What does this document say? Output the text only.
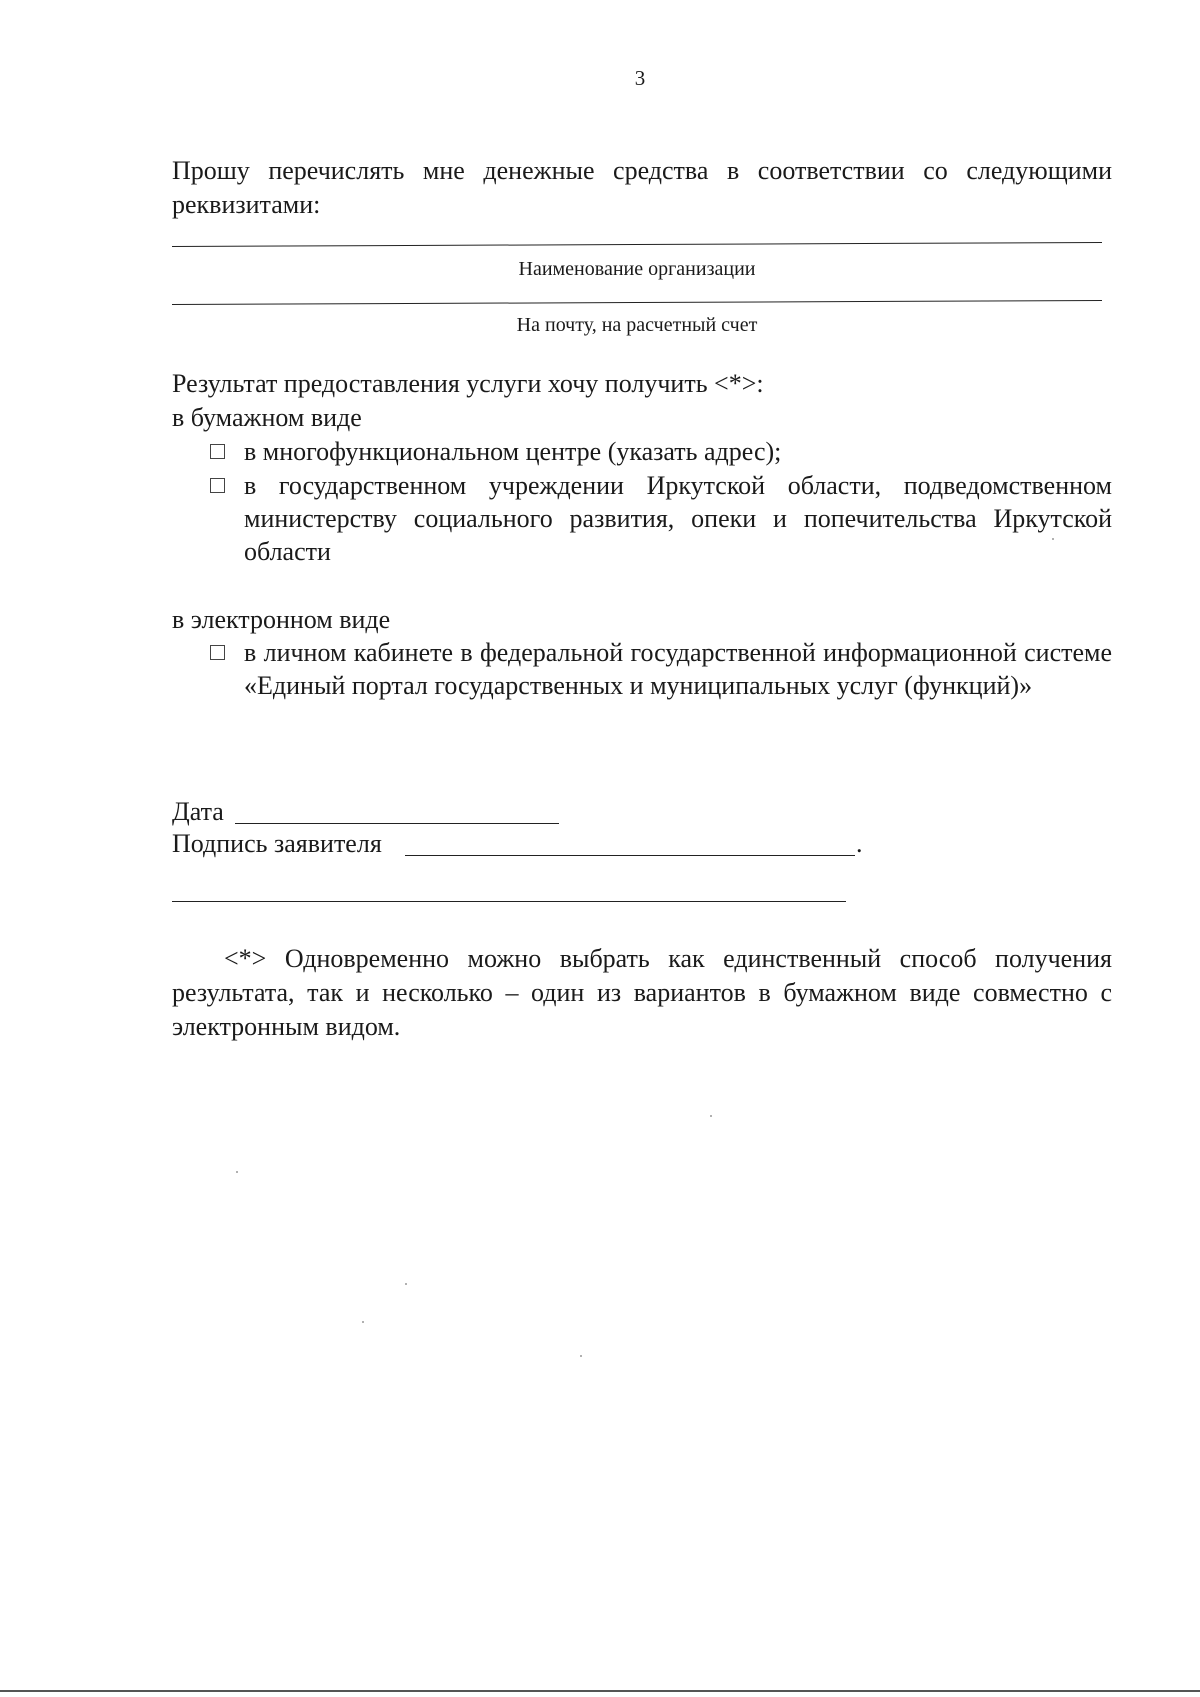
3
Прошу перечислять мне денежные средства в соответствии со следующими реквизитами:
Наименование организации
На почту, на расчетный счет
Результат предоставления услуги хочу получить <*>:
в бумажном виде
в многофункциональном центре (указать адрес);
в государственном учреждении Иркутской области, подведомственном министерству социального развития, опеки и попечительства Иркутской области
в электронном виде
в личном кабинете в федеральной государственной информационной системе «Единый портал государственных и муниципальных услуг (функций)»
Дата
Подпись заявителя	.
<*> Одновременно можно выбрать как единственный способ получения результата, так и несколько – один из вариантов в бумажном виде совместно с электронным видом.
